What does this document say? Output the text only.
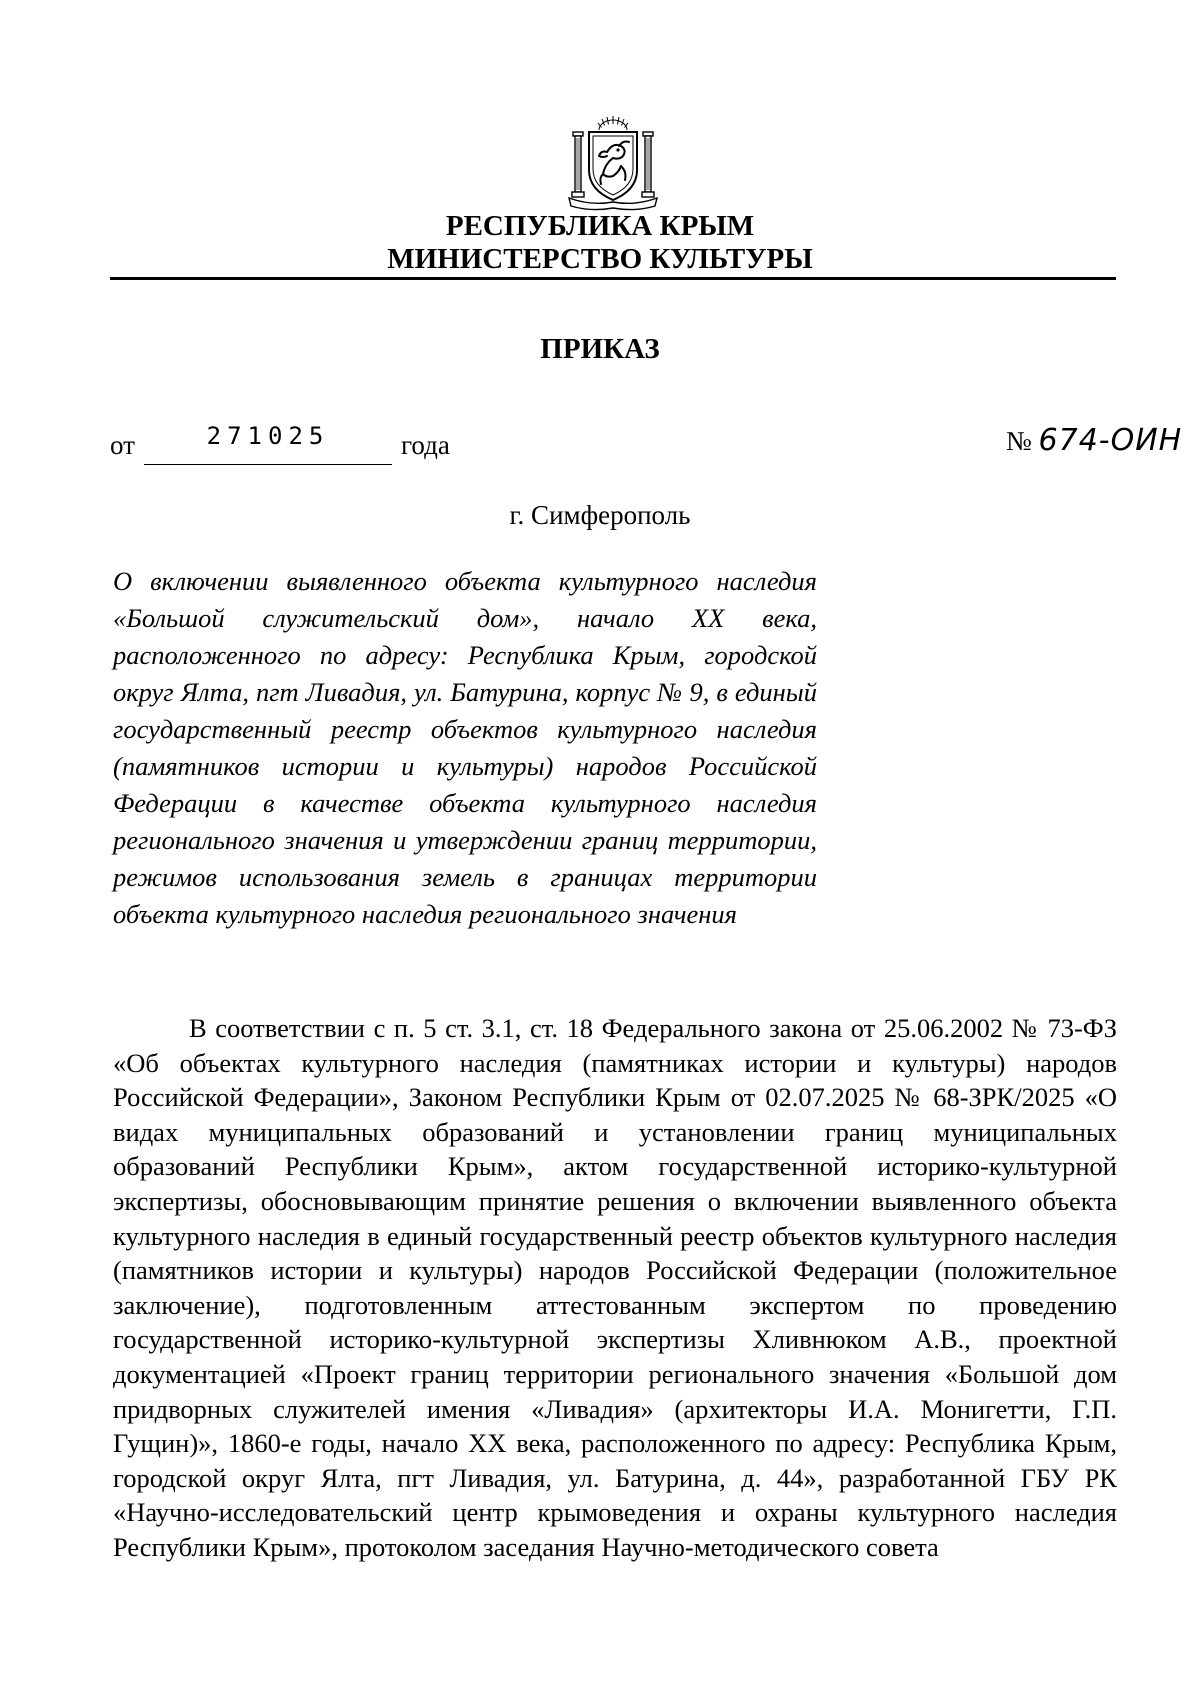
РЕСПУБЛИКА КРЫМ
МИНИСТЕРСТВО КУЛЬТУРЫ
ПРИКАЗ
от	271025	года	№ 674-ОИН
г. Симферополь
О включении выявленного объекта культурного наследия «Большой служительский дом», начало XX века, расположенного по адресу: Республика Крым, городской округ Ялта, пгт Ливадия, ул. Батурина, корпус № 9, в единый государственный реестр объектов культурного наследия (памятников истории и культуры) народов Российской Федерации в качестве объекта культурного наследия регионального значения и утверждении границ территории, режимов использования земель в границах территории объекта культурного наследия регионального значения
В соответствии с п. 5 ст. 3.1, ст. 18 Федерального закона от 25.06.2002 № 73-ФЗ «Об объектах культурного наследия (памятниках истории и культуры) народов Российской Федерации», Законом Республики Крым от 02.07.2025 № 68-ЗРК/2025 «О видах муниципальных образований и установлении границ муниципальных образований Республики Крым», актом государственной историко-культурной экспертизы, обосновывающим принятие решения о включении выявленного объекта культурного наследия в единый государственный реестр объектов культурного наследия (памятников истории и культуры) народов Российской Федерации (положительное заключение), подготовленным аттестованным экспертом по проведению государственной историко-культурной экспертизы Хливнюком А.В., проектной документацией «Проект границ территории регионального значения «Большой дом придворных служителей имения «Ливадия» (архитекторы И.А. Монигетти, Г.П. Гущин)», 1860-е годы, начало XX века, расположенного по адресу: Республика Крым, городской округ Ялта, пгт Ливадия, ул. Батурина, д. 44», разработанной ГБУ РК «Научно-исследовательский центр крымоведения и охраны культурного наследия Республики Крым», протоколом заседания Научно-методического совета
